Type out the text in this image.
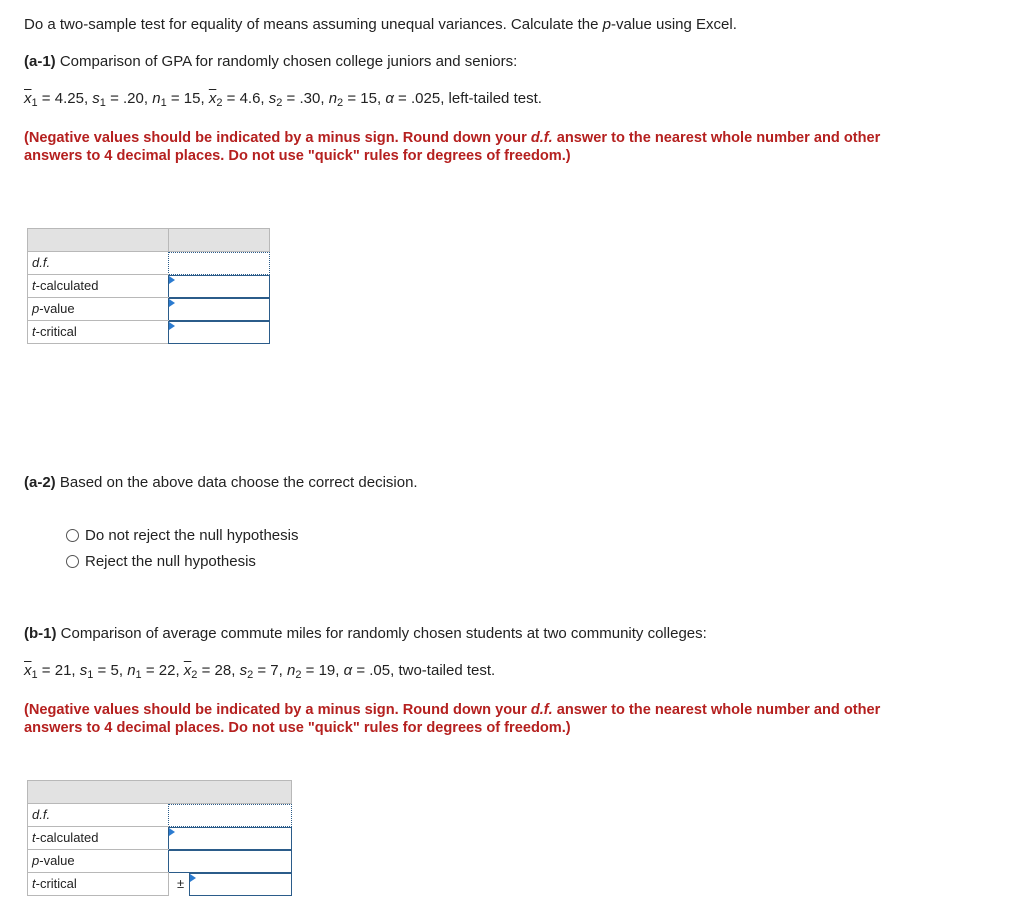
Do a two-sample test for equality of means assuming unequal variances. Calculate the p-value using Excel.
(a-1) Comparison of GPA for randomly chosen college juniors and seniors:
$\overline{x}_1 = 4.25$, $s_1 = .20$, $n_1 = 15$, $\overline{x}_2 = 4.6$, $s_2 = .30$, $n_2 = 15$, α = .025, left-tailed test.
(Negative values should be indicated by a minus sign. Round down your d.f. answer to the nearest whole number and other
answers to 4 decimal places. Do not use "quick" rules for degrees of freedom.)
d.f.
t-calculated
p-value
t-critical
(a-2) Based on the above data choose the correct decision.
Do not reject the null hypothesis
Reject the null hypothesis
(b-1) Comparison of average commute miles for randomly chosen students at two community colleges:
$\overline{x}_1 = 21$, $s_1 = 5$, $n_1 = 22$, $\overline{x}_2 = 28$, $s_2 = 7$, $n_2 = 19$, α = .05, two-tailed test.
(Negative values should be indicated by a minus sign. Round down your d.f. answer to the nearest whole number and other
answers to 4 decimal places. Do not use "quick" rules for degrees of freedom.)
d.f.
t-calculated
p-value
t-critical	±
